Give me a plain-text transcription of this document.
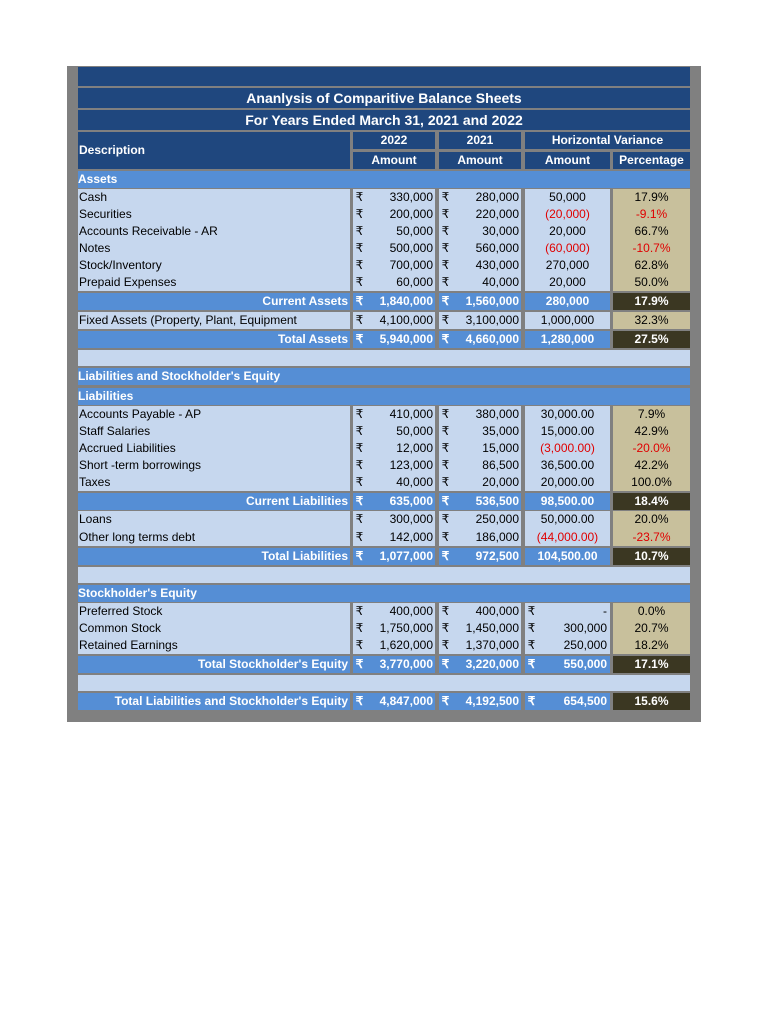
Ananlysis of Comparitive Balance Sheets
For Years Ended March 31, 2021 and 2022
Description
2022	2021	Horizontal Variance
Amount	Amount	Amount	Percentage
Assets
Cash	₹	330,000 ₹	280,000	50,000	17.9%
Securities	₹	200,000 ₹	220,000	(20,000)	-9.1%
Accounts Receivable - AR	₹	50,000 ₹	30,000	20,000	66.7%
Notes	₹	500,000 ₹	560,000	(60,000)	-10.7%
Stock/Inventory	₹	700,000 ₹	430,000	270,000	62.8%
Prepaid Expenses	₹	60,000 ₹	40,000	20,000	50.0%
Current Assets ₹	1,840,000 ₹	1,560,000	280,000	17.9%
Fixed Assets (Property, Plant, Equipment	₹	4,100,000 ₹	3,100,000	1,000,000	32.3%
Total Assets ₹	5,940,000 ₹	4,660,000	1,280,000	27.5%
Liabilities and Stockholder's Equity
Liabilities
Accounts Payable - AP	₹	410,000 ₹	380,000	30,000.00	7.9%
Staff Salaries	₹	50,000 ₹	35,000	15,000.00	42.9%
Accrued Liabilities	₹	12,000 ₹	15,000	(3,000.00)	-20.0%
Short -term borrowings	₹	123,000 ₹	86,500	36,500.00	42.2%
Taxes	₹	40,000 ₹	20,000	20,000.00	100.0%
Current Liabilities ₹	635,000 ₹	536,500	98,500.00	18.4%
Loans	₹	300,000 ₹	250,000	50,000.00	20.0%
Other long terms debt	₹	142,000 ₹	186,000	(44,000.00)	-23.7%
Total Liabilities ₹	1,077,000 ₹	972,500	104,500.00	10.7%
Stockholder's Equity
Preferred Stock	₹	400,000 ₹	400,000 ₹	-	0.0%
Common Stock	₹	1,750,000 ₹	1,450,000 ₹	300,000	20.7%
Retained Earnings	₹	1,620,000 ₹	1,370,000 ₹	250,000	18.2%
Total Stockholder's Equity ₹	3,770,000 ₹	3,220,000 ₹	550,000	17.1%
Total Liabilities and Stockholder's Equity ₹	4,847,000 ₹	4,192,500 ₹	654,500	15.6%
